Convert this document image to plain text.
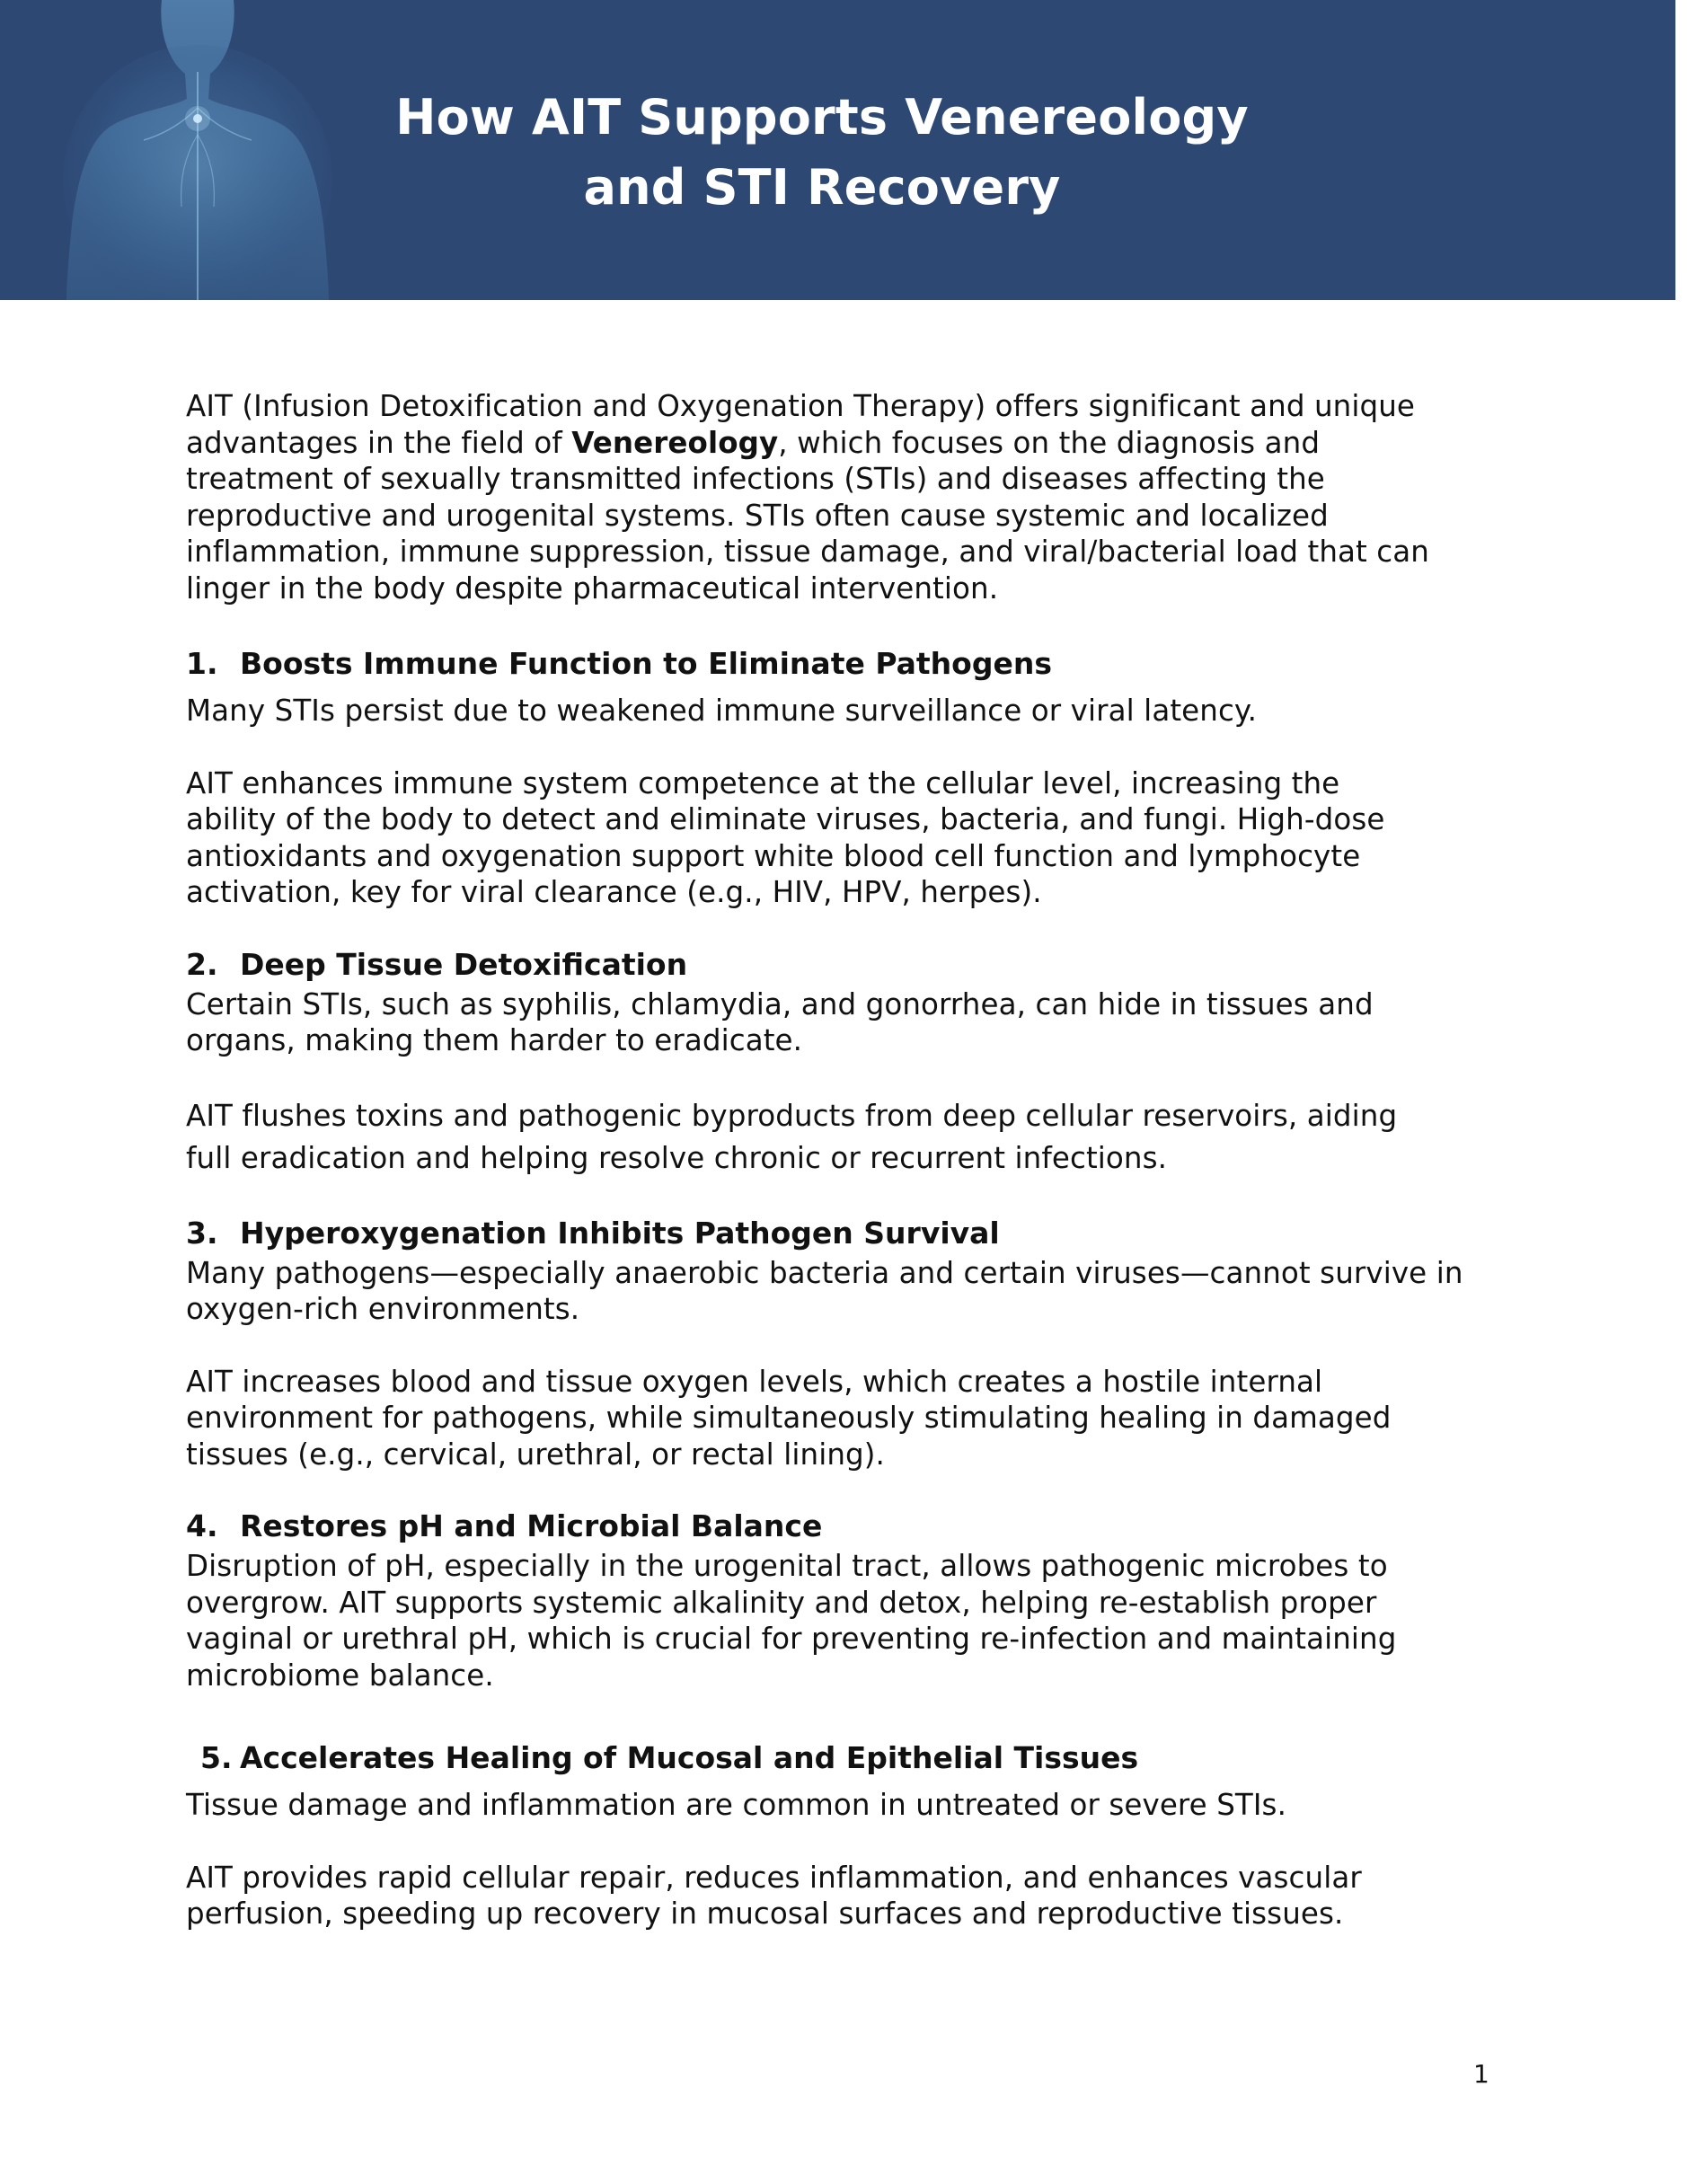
How AIT Supports Venereology
and STI Recovery

AIT (Infusion Detoxification and Oxygenation Therapy) offers significant and unique advantages in the field of Venereology, which focuses on the diagnosis and treatment of sexually transmitted infections (STIs) and diseases affecting the reproductive and urogenital systems. STIs often cause systemic and localized inflammation, immune suppression, tissue damage, and viral/bacterial load that can linger in the body despite pharmaceutical intervention.

1. Boosts Immune Function to Eliminate Pathogens

Many STIs persist due to weakened immune surveillance or viral latency.

AIT enhances immune system competence at the cellular level, increasing the ability of the body to detect and eliminate viruses, bacteria, and fungi. High-dose antioxidants and oxygenation support white blood cell function and lymphocyte activation, key for viral clearance (e.g., HIV, HPV, herpes).

2. Deep Tissue Detoxification

Certain STIs, such as syphilis, chlamydia, and gonorrhea, can hide in tissues and organs, making them harder to eradicate.

AIT flushes toxins and pathogenic byproducts from deep cellular reservoirs, aiding full eradication and helping resolve chronic or recurrent infections.

3. Hyperoxygenation Inhibits Pathogen Survival

Many pathogens—especially anaerobic bacteria and certain viruses—cannot survive in oxygen-rich environments.

AIT increases blood and tissue oxygen levels, which creates a hostile internal environment for pathogens, while simultaneously stimulating healing in damaged tissues (e.g., cervical, urethral, or rectal lining).

4. Restores pH and Microbial Balance

Disruption of pH, especially in the urogenital tract, allows pathogenic microbes to overgrow. AIT supports systemic alkalinity and detox, helping re-establish proper vaginal or urethral pH, which is crucial for preventing re-infection and maintaining microbiome balance.

5. Accelerates Healing of Mucosal and Epithelial Tissues

Tissue damage and inflammation are common in untreated or severe STIs.

AIT provides rapid cellular repair, reduces inflammation, and enhances vascular perfusion, speeding up recovery in mucosal surfaces and reproductive tissues.

1
